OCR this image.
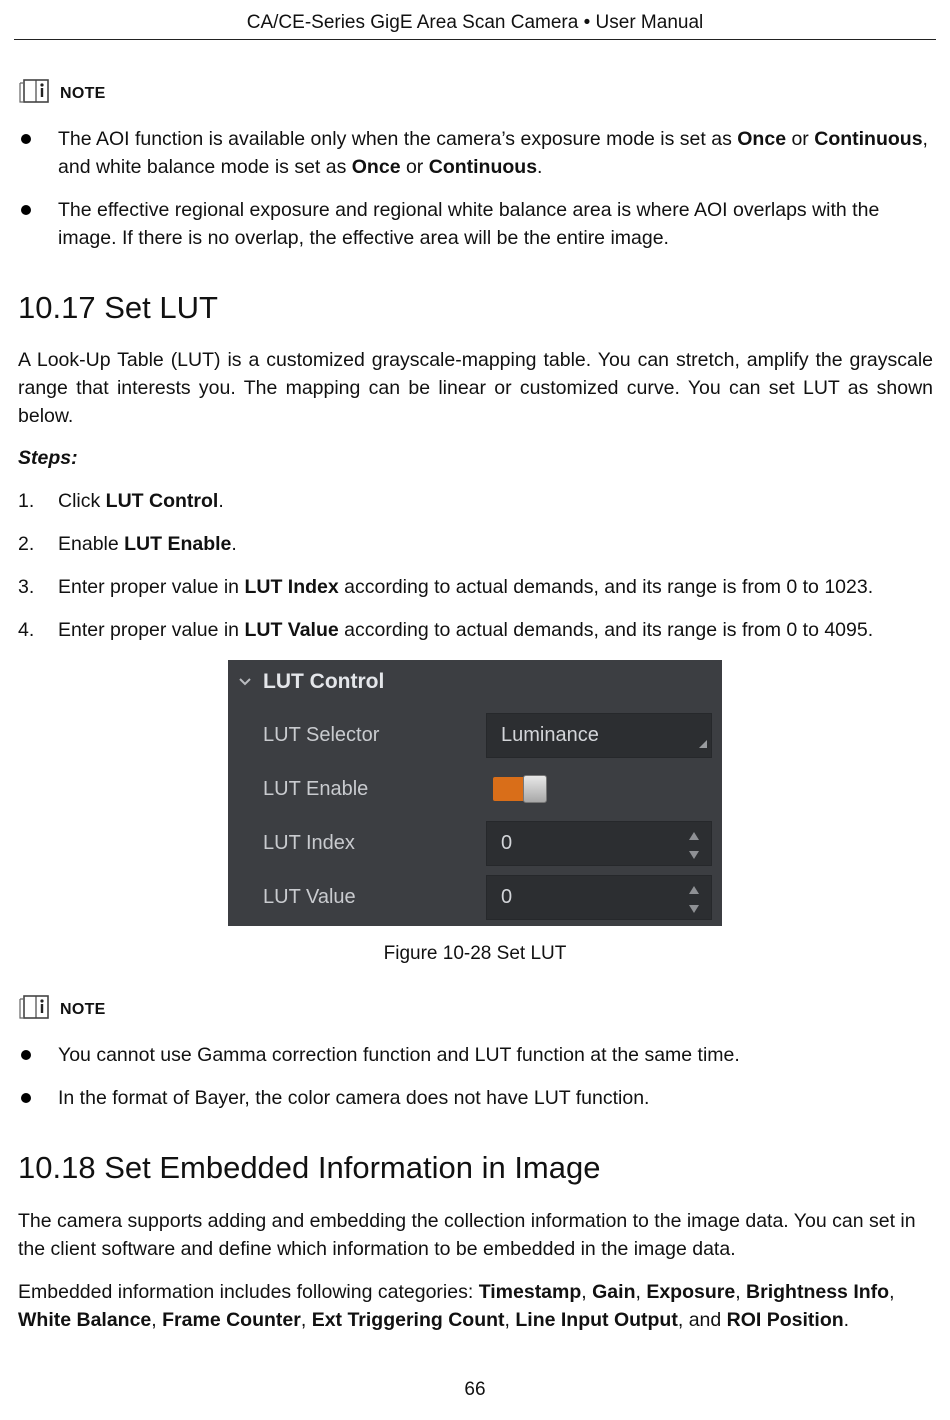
CA/CE-Series GigE Area Scan Camera • User Manual
NOTE
The AOI function is available only when the camera’s exposure mode is set as Once or Continuous, and white balance mode is set as Once or Continuous.
The effective regional exposure and regional white balance area is where AOI overlaps with the image. If there is no overlap, the effective area will be the entire image.
10.17 Set LUT
A Look-Up Table (LUT) is a customized grayscale-mapping table. You can stretch, amplify the grayscale range that interests you. The mapping can be linear or customized curve. You can set LUT as shown below.
Steps:
1. Click LUT Control.
2. Enable LUT Enable.
3. Enter proper value in LUT Index according to actual demands, and its range is from 0 to 1023.
4. Enter proper value in LUT Value according to actual demands, and its range is from 0 to 4095.
LUT Control
LUT Selector	Luminance
LUT Enable
LUT Index	0
LUT Value	0
Figure 10-28 Set LUT
NOTE
You cannot use Gamma correction function and LUT function at the same time.
In the format of Bayer, the color camera does not have LUT function.
10.18 Set Embedded Information in Image
The camera supports adding and embedding the collection information to the image data. You can set in the client software and define which information to be embedded in the image data.
Embedded information includes following categories: Timestamp, Gain, Exposure, Brightness Info, White Balance, Frame Counter, Ext Triggering Count, Line Input Output, and ROI Position.
66
